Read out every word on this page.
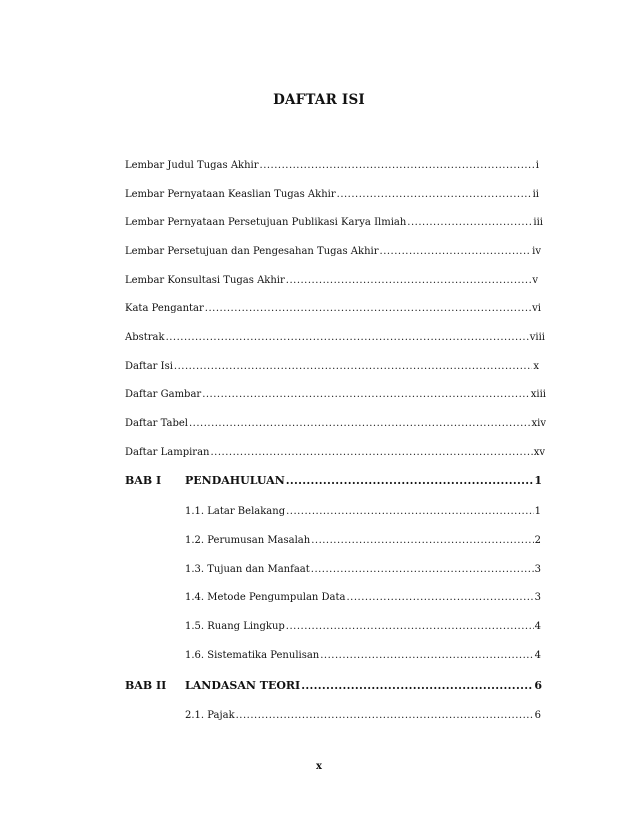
DAFTAR ISI
Lembar Judul Tugas Akhir .....	i
Lembar Pernyataan Keaslian Tugas Akhir .....	ii
Lembar Pernyataan Persetujuan Publikasi Karya Ilmiah .....	iii
Lembar Persetujuan dan Pengesahan Tugas Akhir .....	iv
Lembar Konsultasi Tugas Akhir .....	v
Kata Pengantar .....	vi
Abstrak .....	viii
Daftar Isi .....	x
Daftar Gambar .....	xiii
Daftar Tabel .....	xiv
Daftar Lampiran .....	xv
BAB I	PENDAHULUAN .....	1
1.1. Latar Belakang .....	1
1.2. Perumusan Masalah .....	2
1.3. Tujuan dan Manfaat .....	3
1.4. Metode Pengumpulan Data .....	3
1.5. Ruang Lingkup .....	4
1.6. Sistematika Penulisan .....	4
BAB II	LANDASAN TEORI .....	6
2.1. Pajak .....	6
x
